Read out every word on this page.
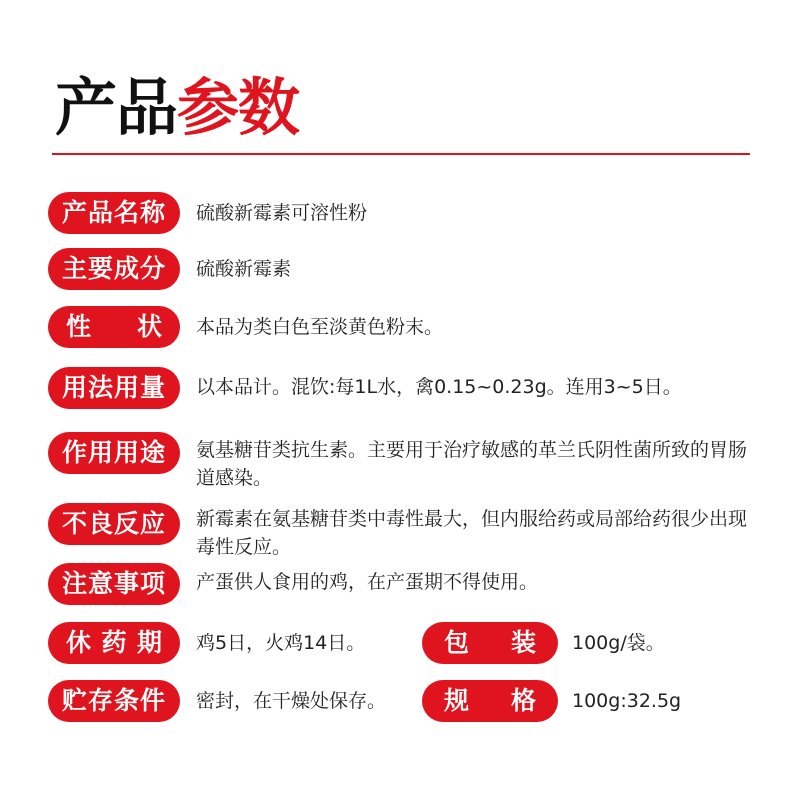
产品参数
产品名称	硫酸新霉素可溶性粉
主要成分	硫酸新霉素
性 状 本品为类白色至淡黄色粉末。
用法用量	以本品计。混饮:每1L水，禽0.15~0.23g。连用3~5日。
作用用途	氨基糖苷类抗生素。主要用于治疗敏感的革兰氏阴性菌所致的胃肠道感染。
不良反应	新霉素在氨基糖苷类中毒性最大，但内服给药或局部给药很少出现毒性反应。
注意事项	产蛋供人食用的鸡，在产蛋期不得使用。
休 药 期 鸡5日，火鸡14日。	包 装 100g/袋。
贮存条件	密封，在干燥处保存。 规 格 100g:32.5g
